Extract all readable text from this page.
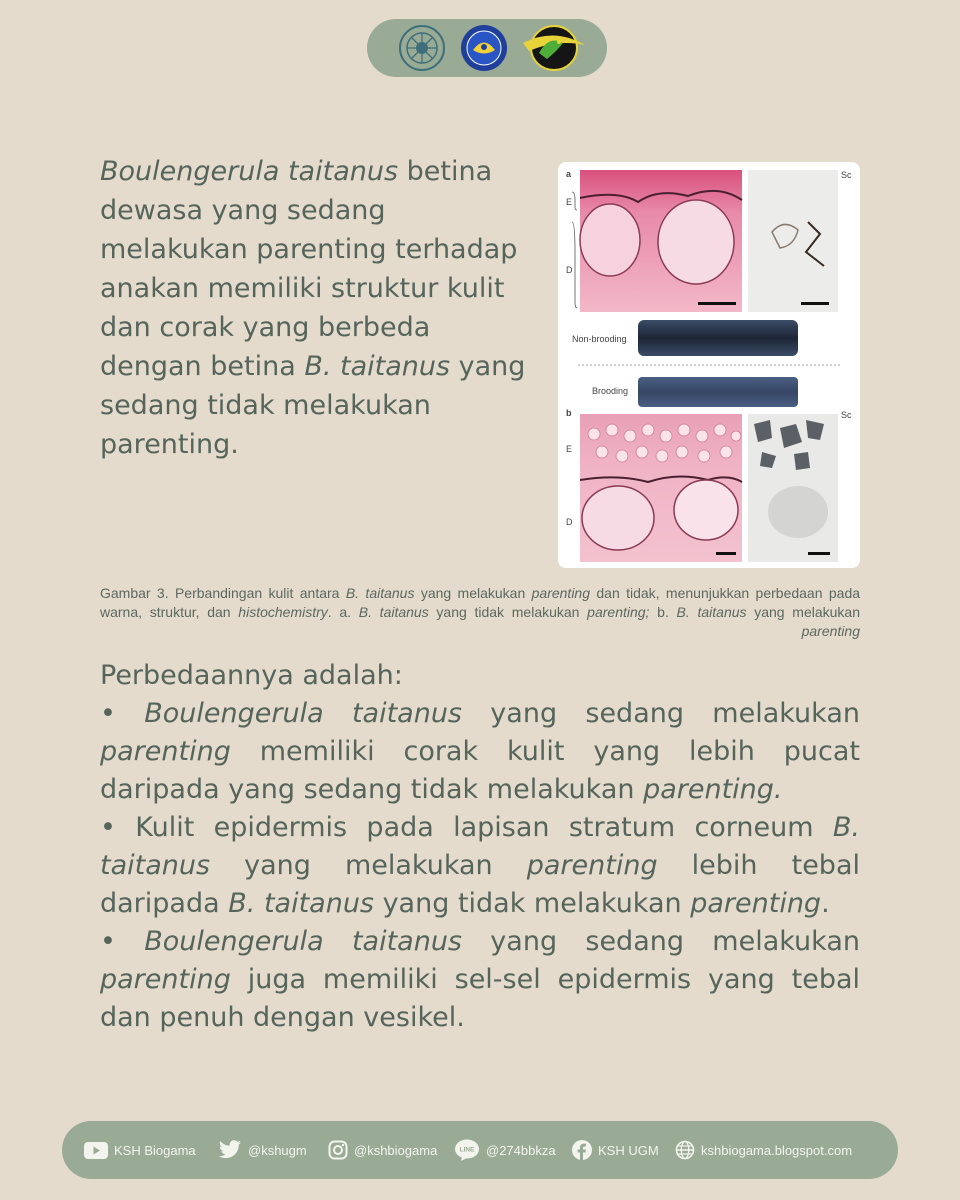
Boulengerula taitanus betina dewasa yang sedang melakukan parenting terhadap anakan memiliki struktur kulit dan corak yang berbeda dengan betina B. taitanus yang sedang tidak melakukan parenting.

a	Sc
E
D
Non-brooding
Brooding
b	Sc
E
D

Gambar 3. Perbandingan kulit antara B. taitanus yang melakukan parenting dan tidak, menunjukkan perbedaan pada warna, struktur, dan histochemistry. a. B. taitanus yang tidak melakukan parenting; b. B. taitanus yang melakukan parenting

Perbedaannya adalah:

• Boulengerula taitanus yang sedang melakukan parenting memiliki corak kulit yang lebih pucat daripada yang sedang tidak melakukan parenting.

• Kulit epidermis pada lapisan stratum corneum B. taitanus yang melakukan parenting lebih tebal daripada B. taitanus yang tidak melakukan parenting.

• Boulengerula taitanus yang sedang melakukan parenting juga memiliki sel-sel epidermis yang tebal dan penuh dengan vesikel.

KSH Biogama	@kshugm	@kshbiogama	LINE @274bbkza	KSH UGM	kshbiogama.blogspot.com
